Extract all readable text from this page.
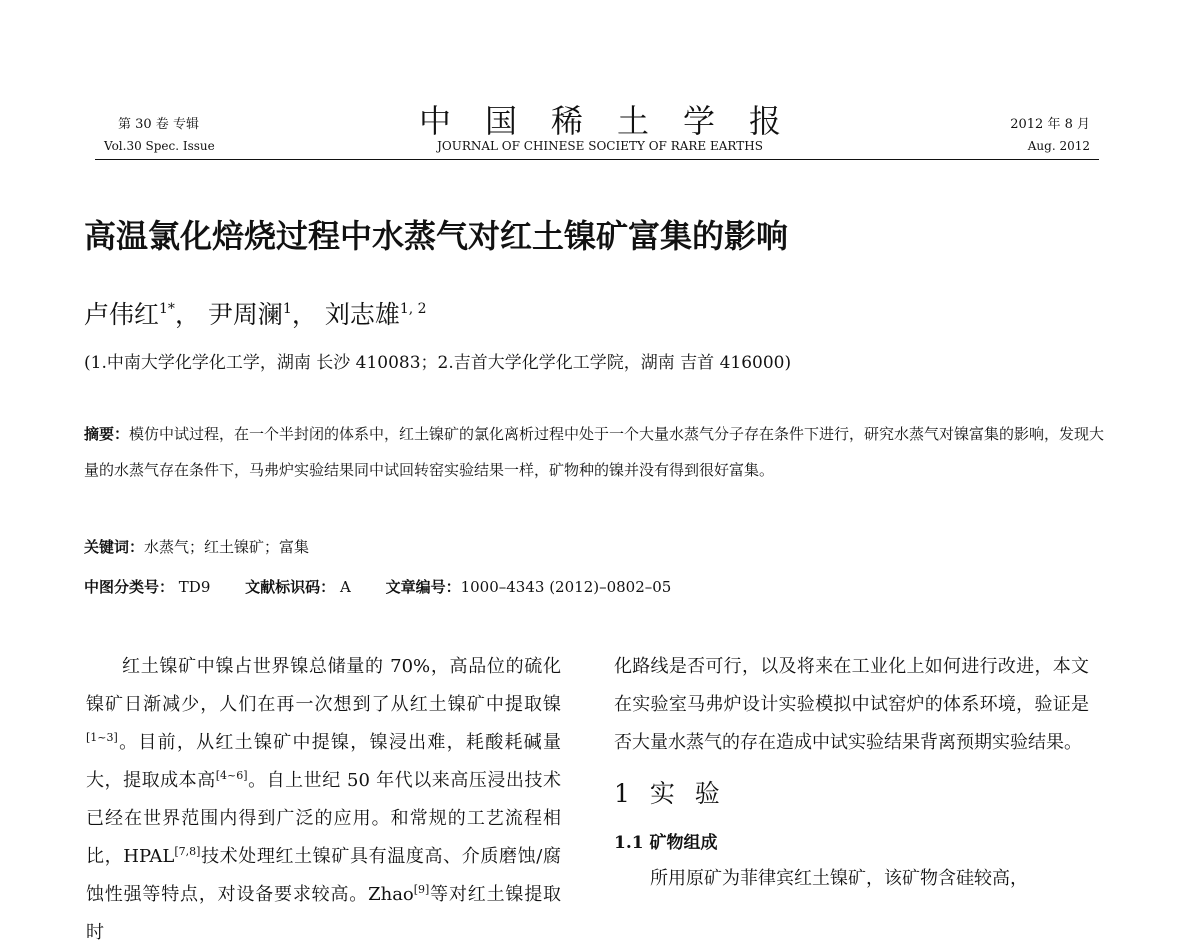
第 30 卷 专辑
Vol.30 Spec. Issue
中国稀土学报
JOURNAL OF CHINESE SOCIETY OF RARE EARTHS
2012 年 8 月
Aug. 2012
高温氯化焙烧过程中水蒸气对红土镍矿富集的影响
卢伟红$^{1*}$， 尹周澜$^1$， 刘志雄$^{1, 2}$
(1.中南大学化学化工学，湖南 长沙 410083；2.吉首大学化学化工学院，湖南 吉首 416000)
摘要：模仿中试过程，在一个半封闭的体系中，红土镍矿的氯化离析过程中处于一个大量水蒸气分子存在条件下进行，研究水蒸气对镍富集的影响，发现大量的水蒸气存在条件下，马弗炉实验结果同中试回转窑实验结果一样，矿物种的镍并没有得到很好富集。
关键词：水蒸气；红土镍矿；富集
中图分类号： TD9 文献标识码： A 文章编号：1000–4343 (2012)–0802–05

红土镍矿中镍占世界镍总储量的 70%，高品位的硫化镍矿日渐减少，人们在再一次想到了从红土镍矿中提取镍[1~3]。目前，从红土镍矿中提镍，镍浸出难，耗酸耗碱量大，提取成本高[4~6]。自上世纪 50 年代以来高压浸出技术已经在世界范围内得到广泛的应用。和常规的工艺流程相比，HPAL[7,8]技术处理红土镍矿具有温度高、介质磨蚀/腐蚀性强等特点，对设备要求较高。Zhao[9]等对红土镍提取时

化路线是否可行，以及将来在工业化上如何进行改进，本文在实验室马弗炉设计实验模拟中试窑炉的体系环境，验证是否大量水蒸气的存在造成中试实验结果背离预期实验结果。

1 实 验
1.1 矿物组成

所用原矿为菲律宾红土镍矿，该矿物含硅较高，
